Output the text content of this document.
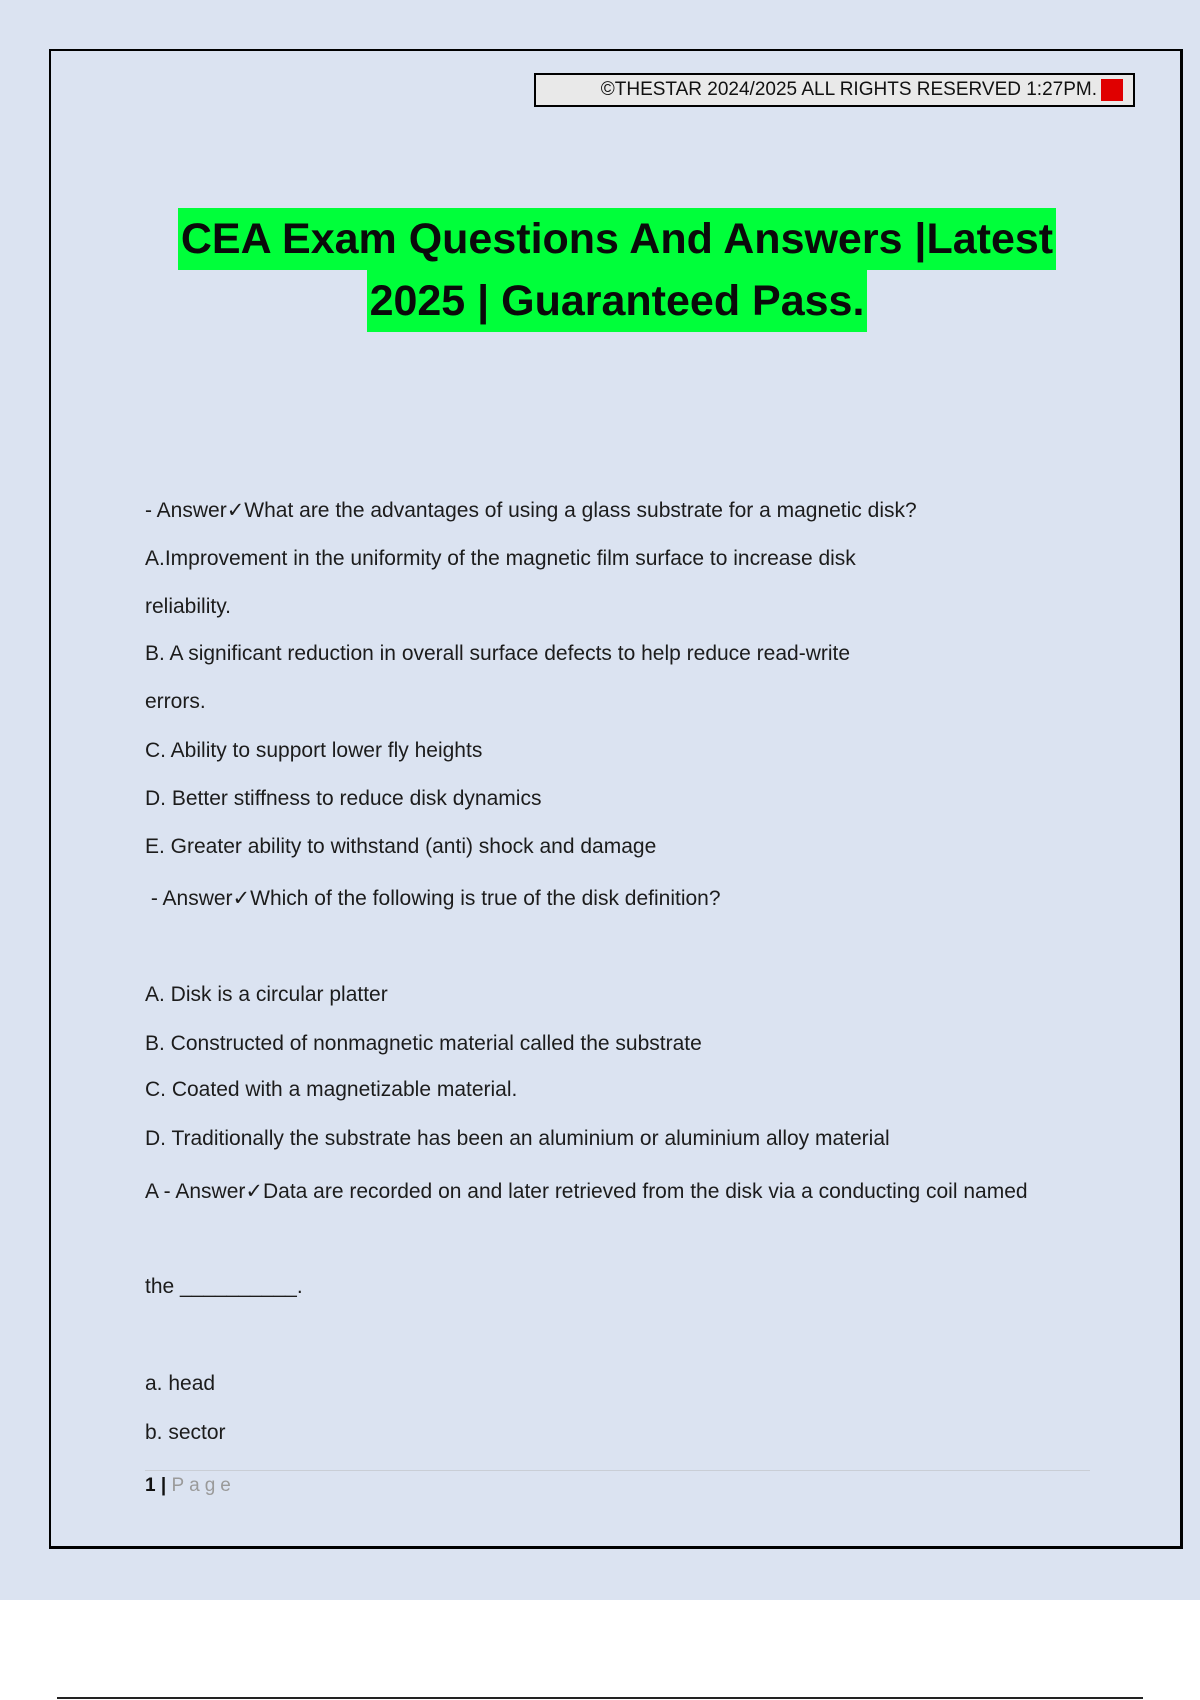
©THESTAR 2024/2025 ALL RIGHTS RESERVED 1:27PM. A+
CEA Exam Questions And Answers |Latest
2025 | Guaranteed Pass.
- Answer✓What are the advantages of using a glass substrate for a magnetic disk?
A.Improvement in the uniformity of the magnetic film surface to increase disk
reliability.
B. A significant reduction in overall surface defects to help reduce read-write
errors.
C. Ability to support lower fly heights
D. Better stiffness to reduce disk dynamics
E. Greater ability to withstand (anti) shock and damage
- Answer✓Which of the following is true of the disk definition?
A. Disk is a circular platter
B. Constructed of nonmagnetic material called the substrate
C. Coated with a magnetizable material.
D. Traditionally the substrate has been an aluminium or aluminium alloy material
A - Answer✓Data are recorded on and later retrieved from the disk via a conducting coil named
the __________.
a. head
b. sector
1 | Page
